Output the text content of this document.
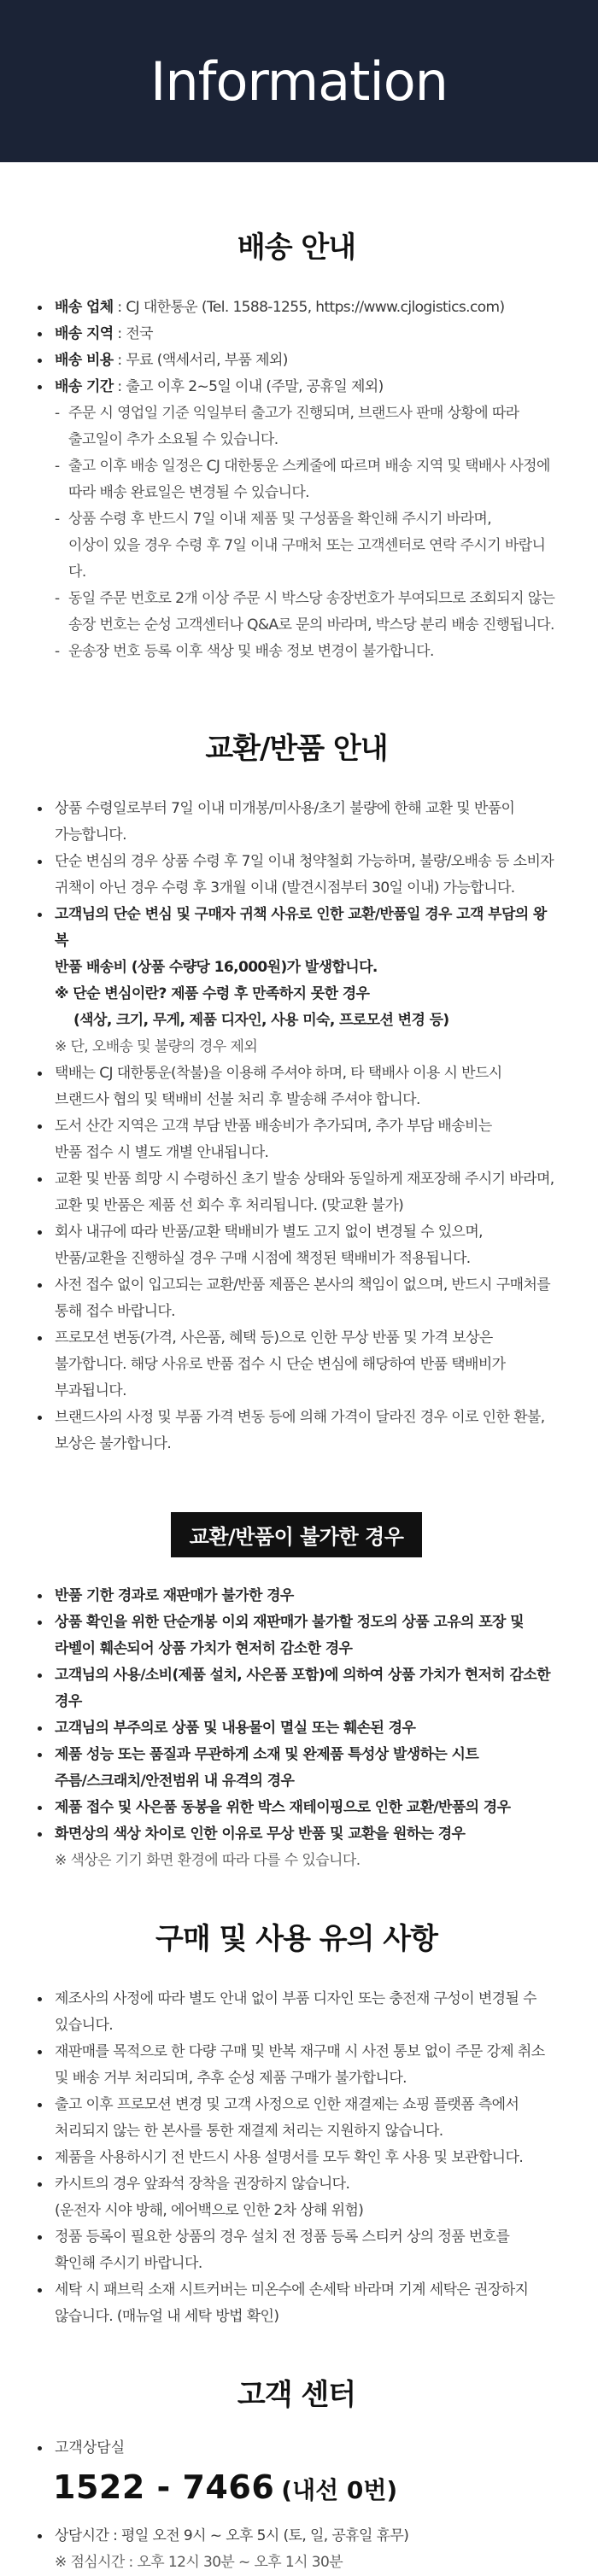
Information
배송 안내
배송 업체 : CJ 대한통운 (Tel. 1588-1255, https://www.cjlogistics.com)
배송 지역 : 전국
배송 비용 : 무료 (액세서리, 부품 제외)
배송 기간 : 출고 이후 2~5일 이내 (주말, 공휴일 제외)
- 주문 시 영업일 기준 익일부터 출고가 진행되며, 브랜드사 판매 상황에 따라
출고일이 추가 소요될 수 있습니다.
- 출고 이후 배송 일정은 CJ 대한통운 스케줄에 따르며 배송 지역 및 택배사 사정에
따라 배송 완료일은 변경될 수 있습니다.
- 상품 수령 후 반드시 7일 이내 제품 및 구성품을 확인해 주시기 바라며,
이상이 있을 경우 수령 후 7일 이내 구매처 또는 고객센터로 연락 주시기 바랍니다.
- 동일 주문 번호로 2개 이상 주문 시 박스당 송장번호가 부여되므로 조회되지 않는
송장 번호는 순성 고객센터나 Q&A로 문의 바라며, 박스당 분리 배송 진행됩니다.
- 운송장 번호 등록 이후 색상 및 배송 정보 변경이 불가합니다.
교환/반품 안내
상품 수령일로부터 7일 이내 미개봉/미사용/초기 불량에 한해 교환 및 반품이
가능합니다.
단순 변심의 경우 상품 수령 후 7일 이내 청약철회 가능하며, 불량/오배송 등 소비자
귀책이 아닌 경우 수령 후 3개월 이내 (발견시점부터 30일 이내) 가능합니다.
고객님의 단순 변심 및 구매자 귀책 사유로 인한 교환/반품일 경우 고객 부담의 왕복
반품 배송비 (상품 수량당 16,000원)가 발생합니다.
※ 단순 변심이란? 제품 수령 후 만족하지 못한 경우
(색상, 크기, 무게, 제품 디자인, 사용 미숙, 프로모션 변경 등)
※ 단, 오배송 및 불량의 경우 제외
택배는 CJ 대한통운(착불)을 이용해 주셔야 하며, 타 택배사 이용 시 반드시
브랜드사 협의 및 택배비 선불 처리 후 발송해 주셔야 합니다.
도서 산간 지역은 고객 부담 반품 배송비가 추가되며, 추가 부담 배송비는
반품 접수 시 별도 개별 안내됩니다.
교환 및 반품 희망 시 수령하신 초기 발송 상태와 동일하게 재포장해 주시기 바라며,
교환 및 반품은 제품 선 회수 후 처리됩니다. (맞교환 불가)
회사 내규에 따라 반품/교환 택배비가 별도 고지 없이 변경될 수 있으며,
반품/교환을 진행하실 경우 구매 시점에 책정된 택배비가 적용됩니다.
사전 접수 없이 입고되는 교환/반품 제품은 본사의 책임이 없으며, 반드시 구매처를
통해 접수 바랍니다.
프로모션 변동(가격, 사은품, 혜택 등)으로 인한 무상 반품 및 가격 보상은
불가합니다. 해당 사유로 반품 접수 시 단순 변심에 해당하여 반품 택배비가
부과됩니다.
브랜드사의 사정 및 부품 가격 변동 등에 의해 가격이 달라진 경우 이로 인한 환불,
보상은 불가합니다.
교환/반품이 불가한 경우
반품 기한 경과로 재판매가 불가한 경우
상품 확인을 위한 단순개봉 이외 재판매가 불가할 정도의 상품 고유의 포장 및
라벨이 훼손되어 상품 가치가 현저히 감소한 경우
고객님의 사용/소비(제품 설치, 사은품 포함)에 의하여 상품 가치가 현저히 감소한
경우
고객님의 부주의로 상품 및 내용물이 멸실 또는 훼손된 경우
제품 성능 또는 품질과 무관하게 소재 및 완제품 특성상 발생하는 시트
주름/스크래치/안전범위 내 유격의 경우
제품 접수 및 사은품 동봉을 위한 박스 재테이핑으로 인한 교환/반품의 경우
화면상의 색상 차이로 인한 이유로 무상 반품 및 교환을 원하는 경우
※ 색상은 기기 화면 환경에 따라 다를 수 있습니다.
구매 및 사용 유의 사항
제조사의 사정에 따라 별도 안내 없이 부품 디자인 또는 충전재 구성이 변경될 수
있습니다.
재판매를 목적으로 한 다량 구매 및 반복 재구매 시 사전 통보 없이 주문 강제 취소
및 배송 거부 처리되며, 추후 순성 제품 구매가 불가합니다.
출고 이후 프로모션 변경 및 고객 사정으로 인한 재결제는 쇼핑 플랫폼 측에서
처리되지 않는 한 본사를 통한 재결제 처리는 지원하지 않습니다.
제품을 사용하시기 전 반드시 사용 설명서를 모두 확인 후 사용 및 보관합니다.
카시트의 경우 앞좌석 장착을 권장하지 않습니다.
(운전자 시야 방해, 에어백으로 인한 2차 상해 위험)
정품 등록이 필요한 상품의 경우 설치 전 정품 등록 스티커 상의 정품 번호를
확인해 주시기 바랍니다.
세탁 시 패브릭 소재 시트커버는 미온수에 손세탁 바라며 기계 세탁은 권장하지
않습니다. (매뉴얼 내 세탁 방법 확인)
고객 센터
고객상담실
1522 - 7466 (내선 0번)
상담시간 : 평일 오전 9시 ~ 오후 5시 (토, 일, 공휴일 휴무)
※ 점심시간 : 오후 12시 30분 ~ 오후 1시 30분
